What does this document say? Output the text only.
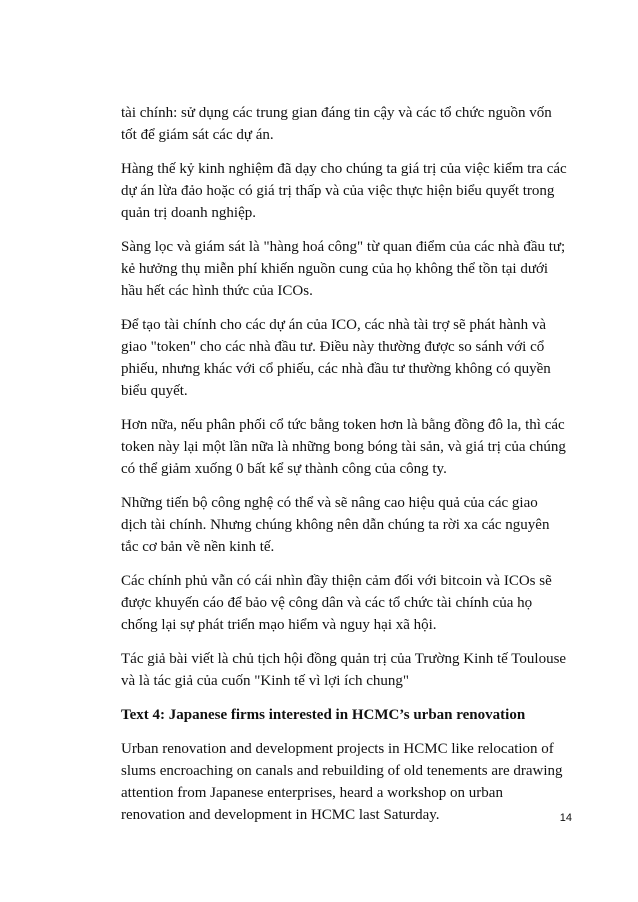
tài chính: sử dụng các trung gian đáng tin cậy và các tổ chức nguồn vốn tốt để giám sát các dự án.

Hàng thế kỷ kinh nghiệm đã dạy cho chúng ta giá trị của việc kiểm tra các dự án lừa đảo hoặc có giá trị thấp và của việc thực hiện biểu quyết trong quản trị doanh nghiệp.

Sàng lọc và giám sát là "hàng hoá công" từ quan điểm của các nhà đầu tư; kẻ hưởng thụ miễn phí khiến nguồn cung của họ không thể tồn tại dưới hầu hết các hình thức của ICOs.

Để tạo tài chính cho các dự án của ICO, các nhà tài trợ sẽ phát hành và giao "token" cho các nhà đầu tư. Điều này thường được so sánh với cổ phiếu, nhưng khác với cổ phiếu, các nhà đầu tư thường không có quyền biểu quyết.

Hơn nữa, nếu phân phối cổ tức bằng token hơn là bằng đồng đô la, thì các token này lại một lần nữa là những bong bóng tài sản, và giá trị của chúng có thể giảm xuống 0 bất kể sự thành công của công ty.

Những tiến bộ công nghệ có thể và sẽ nâng cao hiệu quả của các giao dịch tài chính. Nhưng chúng không nên dẫn chúng ta rời xa các nguyên tắc cơ bản về nền kinh tế.

Các chính phủ vẫn có cái nhìn đầy thiện cảm đối với bitcoin và ICOs sẽ được khuyến cáo để bảo vệ công dân và các tổ chức tài chính của họ chống lại sự phát triển mạo hiểm và nguy hại xã hội.

Tác giả bài viết là chủ tịch hội đồng quản trị của Trường Kinh tế Toulouse và là tác giả của cuốn "Kinh tế vì lợi ích chung"

Text 4: Japanese firms interested in HCMC’s urban renovation

Urban renovation and development projects in HCMC like relocation of slums encroaching on canals and rebuilding of old tenements are drawing attention from Japanese enterprises, heard a workshop on urban renovation and development in HCMC last Saturday.	14
